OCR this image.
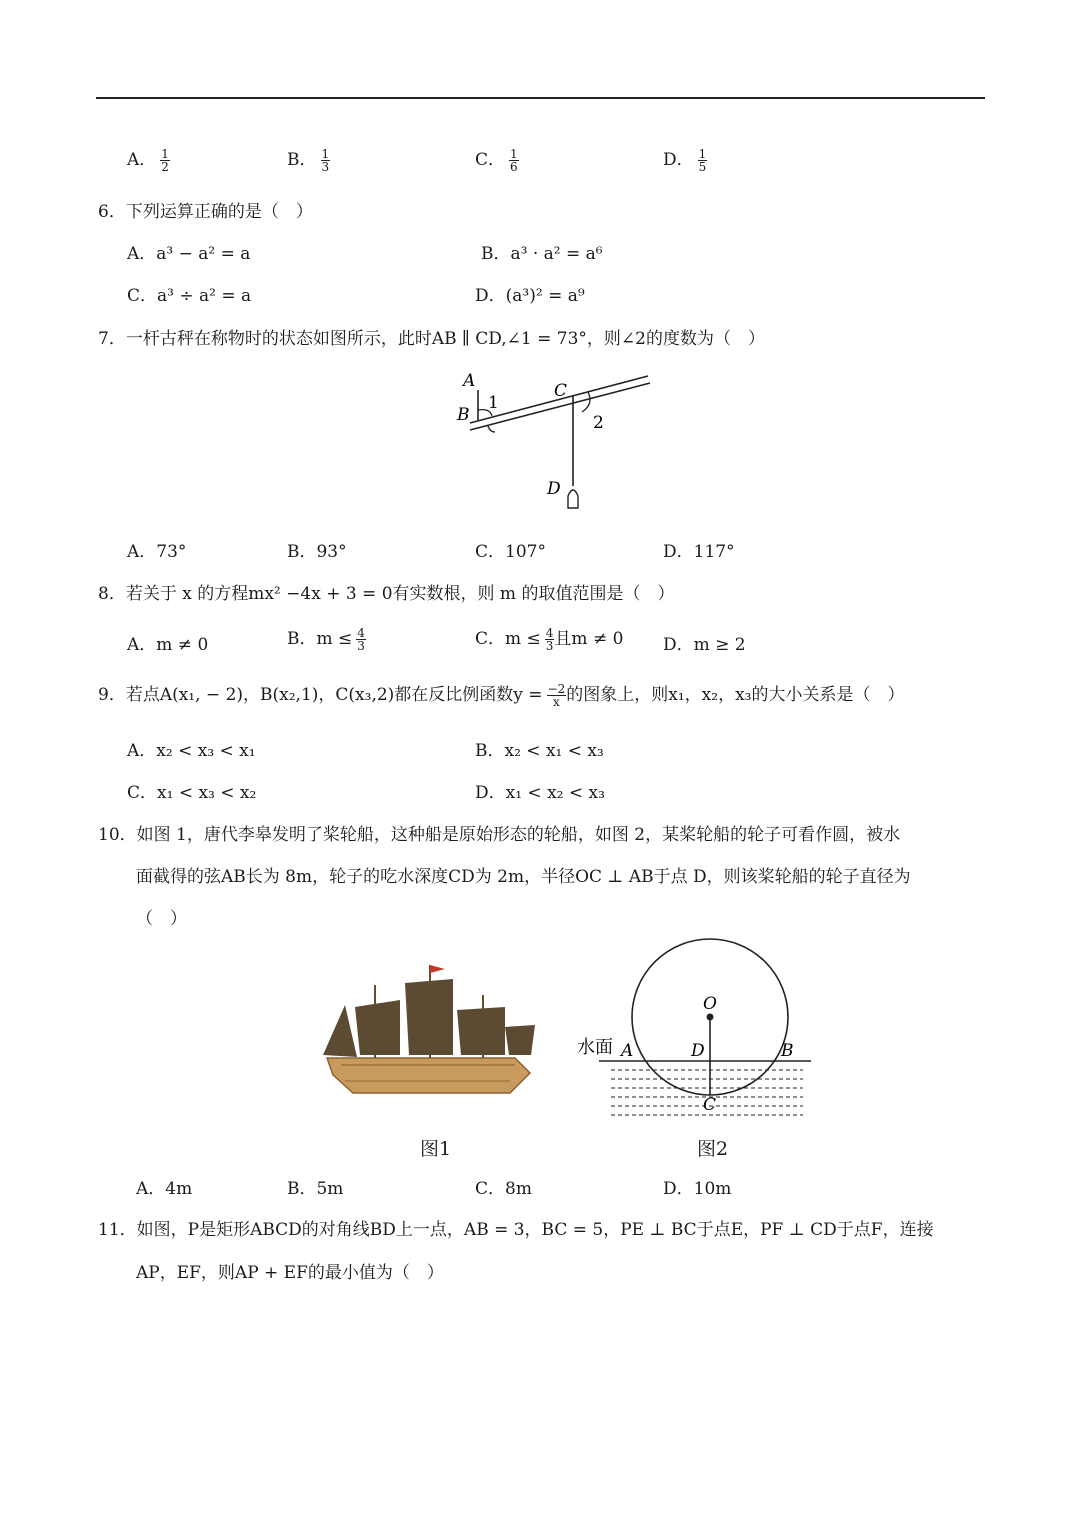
A． $\frac{1}{2}$	B． $\frac{1}{3}$	C． $\frac{1}{6}$	D． $\frac{1}{5}$
6．下列运算正确的是（　）
A．a³ − a² = a	B．a³ · a² = a⁶
C．a³ ÷ a² = a	D．(a³)² = a⁹
7．一杆古秤在称物时的状态如图所示，此时AB ∥ CD,∠1 = 73°，则∠2的度数为（　）
A
B
1
C
2
D
A．73°	B．93°	C．107°	D．117°
8．若关于 x 的方程mx² −4x + 3 = 0有实数根，则 m 的取值范围是（　）
A．m ≠ 0	B．$m \le \frac{4}{3}$	C．$m \le \frac{4}{3}$ 且m ≠ 0 D．m ≥ 2
9．若点A(x₁, − 2)，B(x₂,1)，C(x₃,2)都在反比例函数$y = \frac{-2}{x}$ 的图象上，则x₁，x₂，x₃的大小关系是（　）
A．x₂ < x₃ < x₁	B．x₂ < x₁ < x₃
C．x₁ < x₃ < x₂	D．x₁ < x₂ < x₃
10．如图 1，唐代李皋发明了桨轮船，这种船是原始形态的轮船，如图 2，某桨轮船的轮子可看作圆，被水
面截得的弦AB长为 8m，轮子的吃水深度CD为 2m，半径OC ⊥ AB于点 D，则该桨轮船的轮子直径为
（　）
图1
O
水面 A	D	B
C
图2
A．4m	B．5m	C．8m	D．10m
11．如图，P是矩形ABCD的对角线BD上一点，AB = 3，BC = 5，PE ⊥ BC于点E，PF ⊥ CD于点F，连接
AP，EF，则AP + EF的最小值为（　）
